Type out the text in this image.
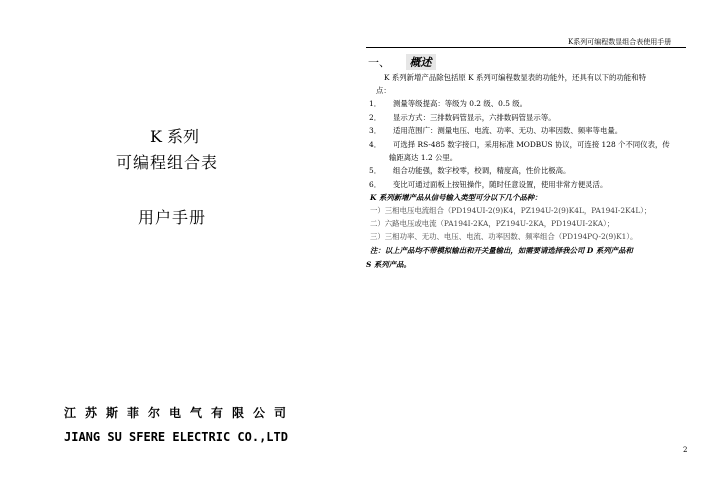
K 系列
可编程组合表
用户手册
江苏斯菲尔电气有限公司
JIANG SU SFERE ELECTRIC CO.,LTD
K系列可编程数显组合表使用手册
一、 概述
K 系列新增产品除包括原 K 系列可编程数显表的功能外，还具有以下的功能和特
点：
1． 测量等级提高：等级为 0.2 级、0.5 级。
2． 显示方式：三排数码管显示，六排数码管显示等。
3． 适用范围广：测量电压、电流、功率、无功、功率因数、频率等电量。
4． 可选择 RS-485 数字接口，采用标准 MODBUS 协议，可连接 128 个不同仪表，传
输距离达 1.2 公里。
5． 组合功能强，数字校零，校调，精度高，性价比极高。
6． 变比可通过面板上按钮操作，随时任意设置，使用非常方便灵活。
K 系列新增产品从信号输入类型可分以下几个品种：
一）三相电压电流组合（PD194UI-2(9)K4，PZ194U-2(9)K4L，PA194I-2K4L）；
二）六路电压或电流（PA194I-2KA，PZ194U-2KA，PD194UI-2KA）；
三）三相功率、无功、电压、电流、功率因数、频率组合（PD194PQ-2(9)K1）。
注：以上产品均不带模拟输出和开关量输出，如需要请选择我公司 D 系列产品和
S 系列产品。
2
